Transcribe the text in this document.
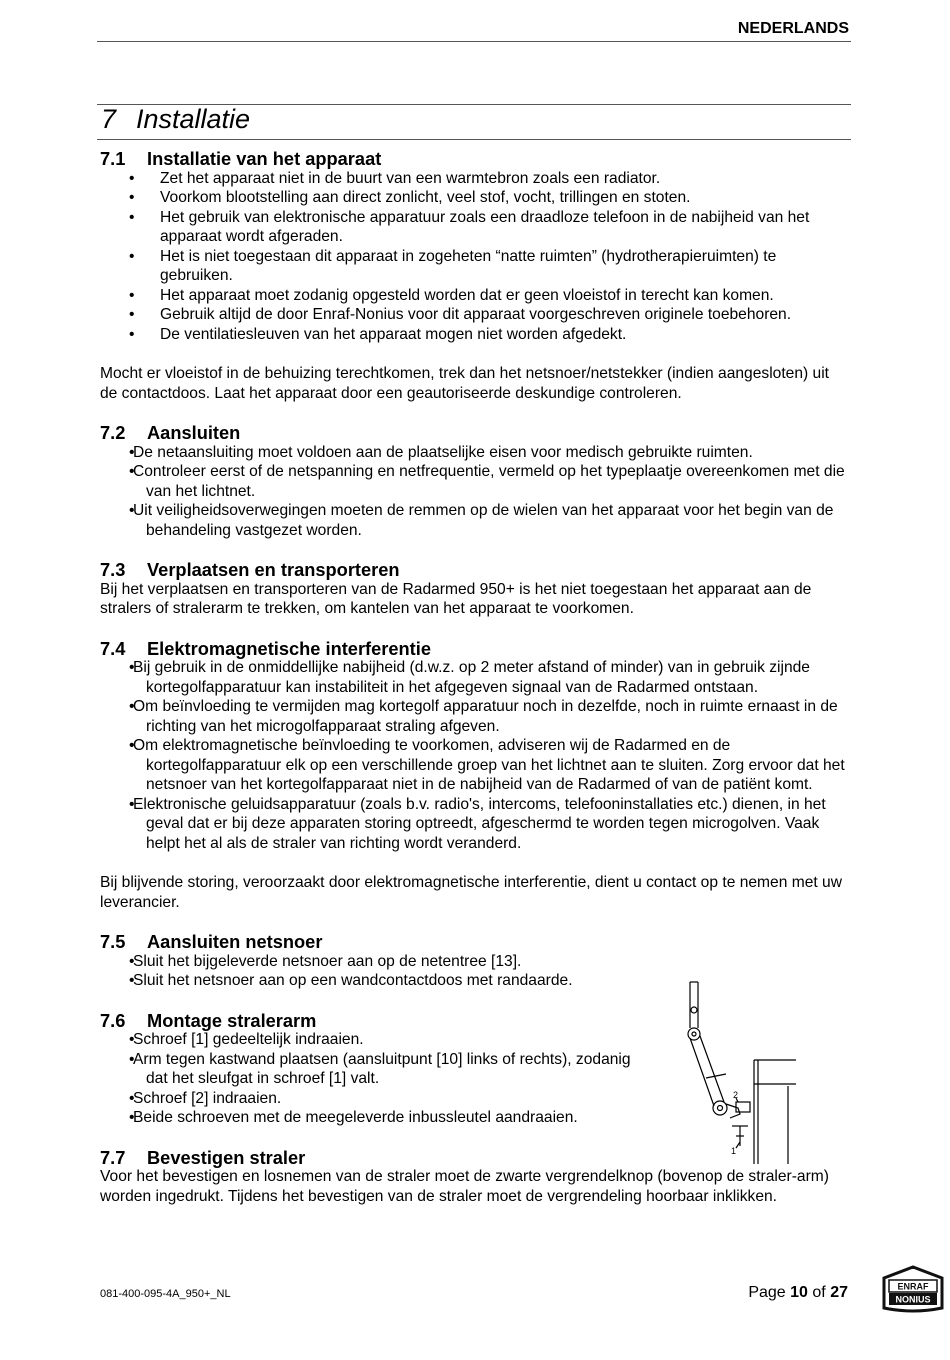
NEDERLANDS
7 Installatie
7.1 Installatie van het apparaat
• Zet het apparaat niet in de buurt van een warmtebron zoals een radiator.
• Voorkom blootstelling aan direct zonlicht, veel stof, vocht, trillingen en stoten.
• Het gebruik van elektronische apparatuur zoals een draadloze telefoon in de nabijheid van het apparaat wordt afgeraden.
• Het is niet toegestaan dit apparaat in zogeheten “natte ruimten” (hydrotherapieruimten) te gebruiken.
• Het apparaat moet zodanig opgesteld worden dat er geen vloeistof in terecht kan komen.
• Gebruik altijd de door Enraf-Nonius voor dit apparaat voorgeschreven originele toebehoren.
• De ventilatiesleuven van het apparaat mogen niet worden afgedekt.

Mocht er vloeistof in de behuizing terechtkomen, trek dan het netsnoer/netstekker (indien aangesloten) uit de contactdoos. Laat het apparaat door een geautoriseerde deskundige controleren.

7.2 Aansluiten
• De netaansluiting moet voldoen aan de plaatselijke eisen voor medisch gebruikte ruimten.
• Controleer eerst of de netspanning en netfrequentie, vermeld op het typeplaatje overeenkomen met die van het lichtnet.
• Uit veiligheidsoverwegingen moeten de remmen op de wielen van het apparaat voor het begin van de behandeling vastgezet worden.
7.3 Verplaatsen en transporteren

Bij het verplaatsen en transporteren van de Radarmed 950+ is het niet toegestaan het apparaat aan de stralers of stralerarm te trekken, om kantelen van het apparaat te voorkomen.

7.4 Elektromagnetische interferentie
• Bij gebruik in de onmiddellijke nabijheid (d.w.z. op 2 meter afstand of minder) van in gebruik zijnde kortegolfapparatuur kan instabiliteit in het afgegeven signaal van de Radarmed ontstaan.
• Om beïnvloeding te vermijden mag kortegolf apparatuur noch in dezelfde, noch in ruimte ernaast in de richting van het microgolfapparaat straling afgeven.
• Om elektromagnetische beïnvloeding te voorkomen, adviseren wij de Radarmed en de kortegolfapparatuur elk op een verschillende groep van het lichtnet aan te sluiten. Zorg ervoor dat het netsnoer van het kortegolfapparaat niet in de nabijheid van de Radarmed of van de patiënt komt.
• Elektronische geluidsapparatuur (zoals b.v. radio's, intercoms, telefooninstallaties etc.) dienen, in het geval dat er bij deze apparaten storing optreedt, afgeschermd te worden tegen microgolven. Vaak helpt het al als de straler van richting wordt veranderd.

Bij blijvende storing, veroorzaakt door elektromagnetische interferentie, dient u contact op te nemen met uw leverancier.

7.5 Aansluiten netsnoer
• Sluit het bijgeleverde netsnoer aan op de netentree [13].
• Sluit het netsnoer aan op een wandcontactdoos met randaarde.
7.6 Montage stralerarm
• Schroef [1] gedeeltelijk indraaien.
• Arm tegen kastwand plaatsen (aansluitpunt [10] links of rechts), zodanig dat het sleufgat in schroef [1] valt.
• Schroef [2] indraaien.
• Beide schroeven met de meegeleverde inbussleutel aandraaien.
7.7 Bevestigen straler

Voor het bevestigen en losnemen van de straler moet de zwarte vergrendelknop (bovenop de straler-arm) worden ingedrukt. Tijdens het bevestigen van de straler moet de vergrendeling hoorbaar inklikken.

2
1
081-400-095-4A_950+_NL	Page 10 of 27	ENRAF
NONIUS
